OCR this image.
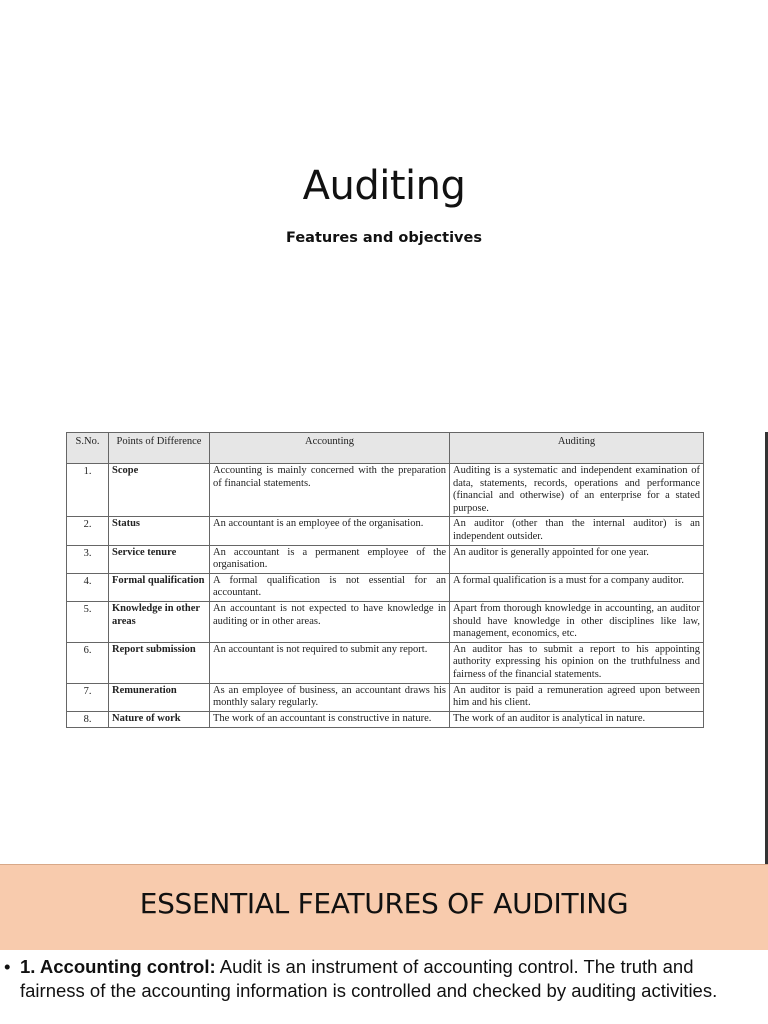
Auditing
Features and objectives
S.No.	Points of Difference	Accounting	Auditing
1.	Scope	Accounting is mainly concerned with the preparation of financial statements.	Auditing is a systematic and independent examination of data, statements, records, operations and performance (financial and otherwise) of an enterprise for a stated purpose.
2.	Status	An accountant is an employee of the organisation.	An auditor (other than the internal auditor) is an independent outsider.
3.	Service tenure	An accountant is a permanent employee of the organisation.	An auditor is generally appointed for one year.
4.	Formal qualification	A formal qualification is not essential for an accountant.	A formal qualification is a must for a company auditor.
5.	Knowledge in other areas	An accountant is not expected to have knowledge in auditing or in other areas.	Apart from thorough knowledge in accounting, an auditor should have knowledge in other disciplines like law, management, economics, etc.
6.	Report submission	An accountant is not required to submit any report.	An auditor has to submit a report to his appointing authority expressing his opinion on the truthfulness and fairness of the financial statements.
7.	Remuneration	As an employee of business, an accountant draws his monthly salary regularly.	An auditor is paid a remuneration agreed upon between him and his client.
8.	Nature of work	The work of an accountant is constructive in nature.	The work of an auditor is analytical in nature.
ESSENTIAL FEATURES OF AUDITING
• 1. Accounting control: Audit is an instrument of accounting control. The truth and fairness of the accounting information is controlled and checked by auditing activities.
